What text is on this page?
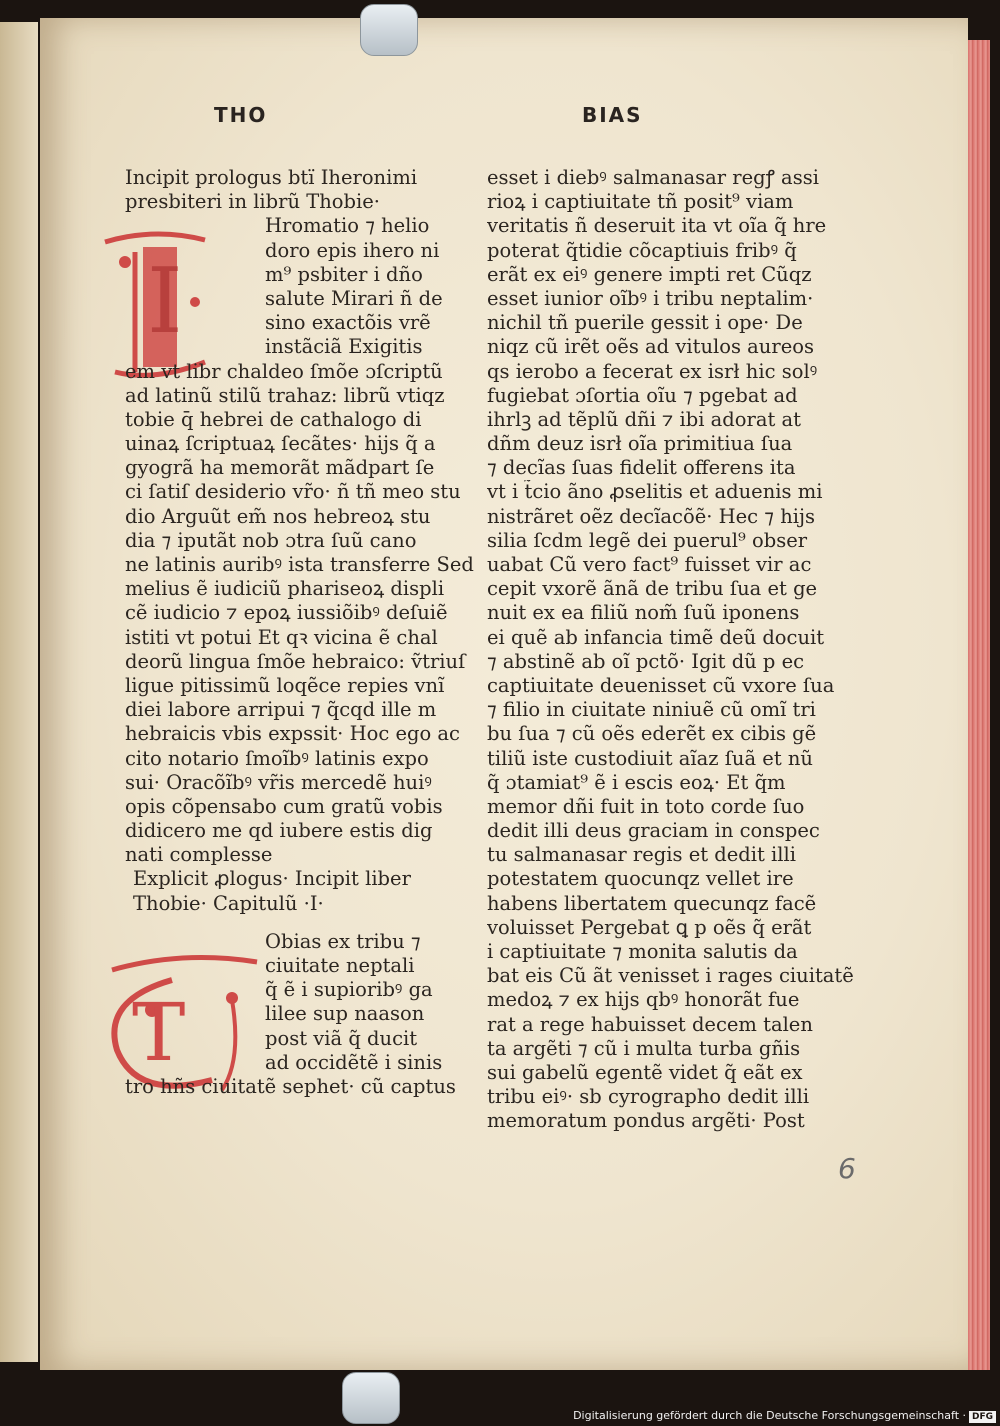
THO	BIAS
I
T
Incipit prologus btï Iheronimi
presbiteri in librũ Thobie·
Hromatio ⁊ helio
doro epis ihero ni
m⁹ psbiter i dño
salute Mirari ñ de
sino exactõis vrẽ
instãciã Exigitis
em vt libr chaldeo ſmõe ɔſcriptũ
ad latinũ stilũ trahaz: librũ vtiqz
tobie q̄ hebrei de cathalogo di
uinaꝝ ſcriptuaꝝ ſecãtes· hijs q̃ a
gyogrã ha memorãt mãdpart ſe
ci ſatiſ desiderio vr̃o· ñ tñ meo stu
dio Arguũt em̃ nos hebreoꝝ stu
dia ⁊ iputãt nob ɔtra ſuũ cano
ne latinis auribꝰ ista transferre Sed
melius ẽ iudiciũ phariseoꝝ displi
cẽ iudicio ⁊ epoꝝ iussiõibꝰ deſuiẽ
istiti vt potui Et qꝛ vicina ẽ chal
deorũ lingua ſmõe hebraico: ṽtriuſ
ligue pitissimũ loqẽce repies vnĩ
diei labore arripui ⁊ q̃cqd ille m
hebraicis vbis expssit· Hoc ego ac
cito notario ſmoĩbꝰ latinis expo
sui· Oracõĩbꝰ vr̃is mercedẽ huiꝰ
opis cõpensabo cum gratũ vobis
didicero me qd iubere estis dig
nati complesse
Explicit ꝓlogus· Incipit liber
Thobie· Capitulũ ·I·
Obias ex tribu ⁊
ciuitate neptali
q̃ ẽ i supioribꝰ ga
lilee sup naason
post viã q̃ ducit
ad occidẽtẽ i sinis
tro hñs ciuitatẽ sephet· cũ captus
esset i diebꝰ salmanasar regꝭ assi
rioꝝ i captiuitate tñ posit⁹ viam
veritatis ñ deseruit ita vt oĩa q̃ hre
poterat q̃tidie cõcaptiuis fribꝰ q̃
erãt ex eiꝰ genere impti ret Cũqz
esset iunior oĩbꝰ i tribu neptalim·
nichil tñ puerile gessit i ope· De
niqz cũ irẽt oẽs ad vitulos aureos
qs ierobo a fecerat ex isrł hic solꝰ
fugiebat ɔſortia oĩu ⁊ pgebat ad
ihrlꝫ ad tẽplũ dñi ⁊ ibi adorat at
dñm deuz isrł oĩa primitiua ſua
⁊ decĩas ſuas fidelit offerens ita
vt i t̃cio ãno ꝓselitis et aduenis mi
nistrãret oẽz decĩacõẽ· Hec ⁊ hijs
silia ſcdm legẽ dei puerul⁹ obser
uabat Cũ vero fact⁹ fuisset vir ac
cepit vxorẽ ãnã de tribu ſua et ge
nuit ex ea filiũ nom̃ ſuũ iponens
ei quẽ ab infancia timẽ deũ docuit
⁊ abstinẽ ab oĩ pctõ· Igit dũ p ec
captiuitate deuenisset cũ vxore ſua
⁊ filio in ciuitate niniuẽ cũ omĩ tri
bu ſua ⁊ cũ oẽs ederẽt ex cibis gẽ
tiliũ iste custodiuit aĩaz ſuã et nũ
q̃ ɔtamiat⁹ ẽ i escis eoꝝ· Et q̃m
memor dñi fuit in toto corde ſuo
dedit illi deus graciam in conspec
tu salmanasar regis et dedit illi
potestatem quocunqz vellet ire
habens libertatem quecunqz facẽ
voluisset Pergebat ꝗ p oẽs q̃ erãt
i captiuitate ⁊ monita salutis da
bat eis Cũ ãt venisset i rages ciuitatẽ
medoꝝ ⁊ ex hijs qbꝰ honorãt fue
rat a rege habuisset decem talen
ta argẽti ⁊ cũ i multa turba gñis
sui gabelũ egentẽ videt q̃ eãt ex
tribu eiꝰ· sb cyrographo dedit illi
memoratum pondus argẽti· Post
6
Digitalisierung gefördert durch die Deutsche Forschungsgemeinschaft · DFG
